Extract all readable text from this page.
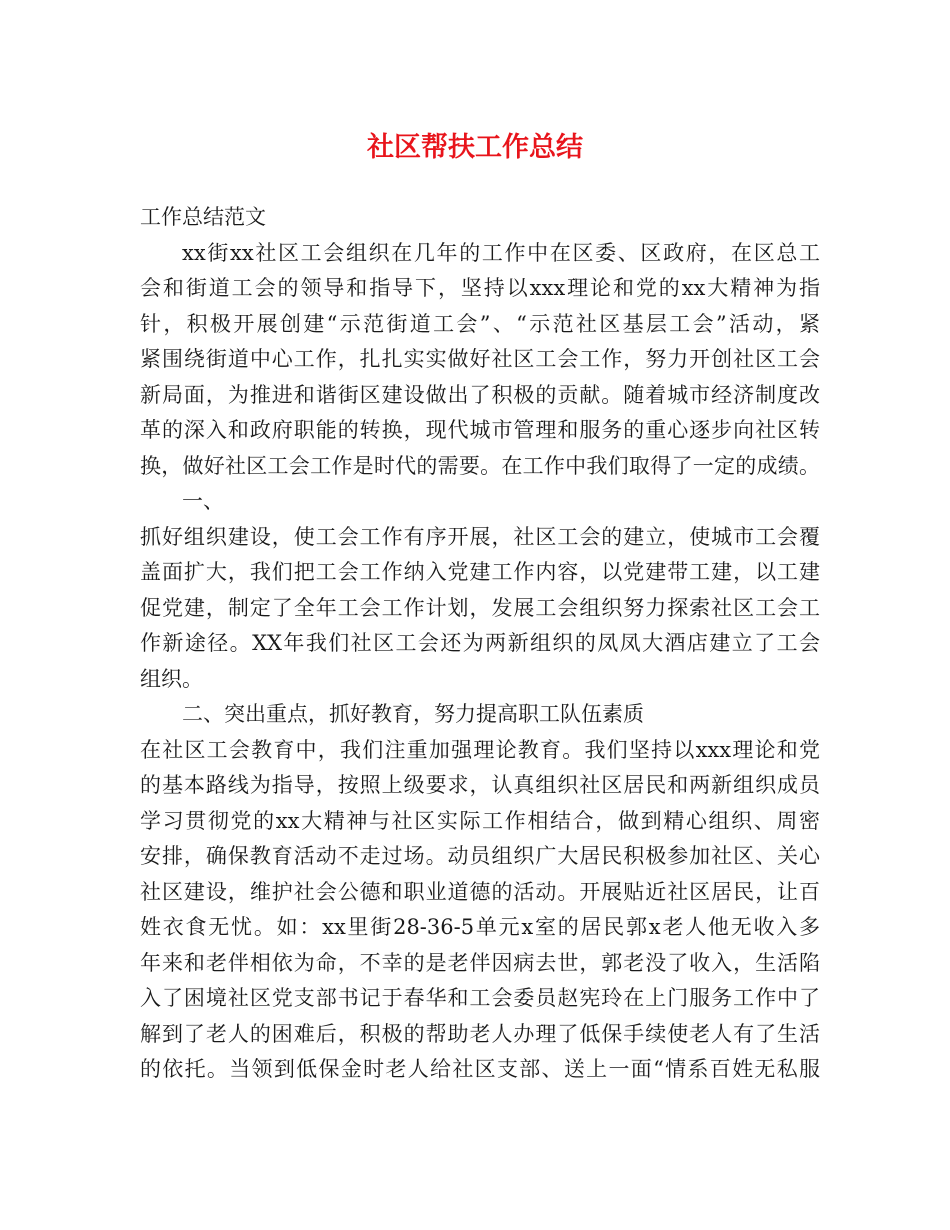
社区帮扶工作总结
工作总结范文
xx街xx社区工会组织在几年的工作中在区委、区政府，在区总工
会和街道工会的领导和指导下，坚持以xxx理论和党的xx大精神为指
针，积极开展创建“示范街道工会”、“示范社区基层工会”活动，紧
紧围绕街道中心工作，扎扎实实做好社区工会工作，努力开创社区工会
新局面，为推进和谐街区建设做出了积极的贡献。随着城市经济制度改
革的深入和政府职能的转换，现代城市管理和服务的重心逐步向社区转
换，做好社区工会工作是时代的需要。在工作中我们取得了一定的成绩。
一、
抓好组织建设，使工会工作有序开展，社区工会的建立，使城市工会覆
盖面扩大，我们把工会工作纳入党建工作内容，以党建带工建，以工建
促党建，制定了全年工会工作计划，发展工会组织努力探索社区工会工
作新途径。XX年我们社区工会还为两新组织的凤凤大酒店建立了工会
组织。
二、突出重点，抓好教育，努力提高职工队伍素质
在社区工会教育中，我们注重加强理论教育。我们坚持以xxx理论和党
的基本路线为指导，按照上级要求，认真组织社区居民和两新组织成员
学习贯彻党的xx大精神与社区实际工作相结合，做到精心组织、周密
安排，确保教育活动不走过场。动员组织广大居民积极参加社区、关心
社区建设，维护社会公德和职业道德的活动。开展贴近社区居民，让百
姓衣食无忧。如：xx里街28-36-5单元x室的居民郭x老人他无收入多
年来和老伴相依为命，不幸的是老伴因病去世，郭老没了收入，生活陷
入了困境社区党支部书记于春华和工会委员赵宪玲在上门服务工作中了
解到了老人的困难后，积极的帮助老人办理了低保手续使老人有了生活
的依托。当领到低保金时老人给社区支部、送上一面“情系百姓无私服
